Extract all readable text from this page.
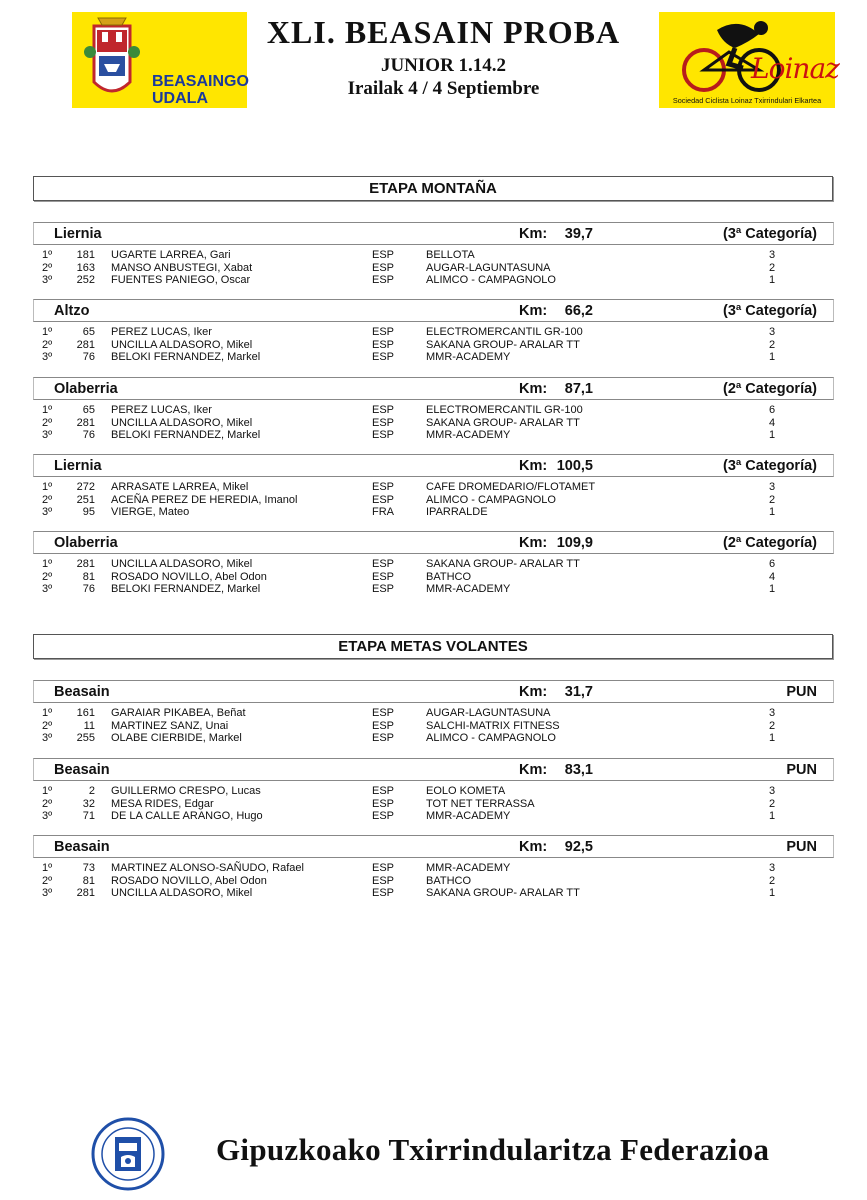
BEASAINGO
UDALA
XLI. BEASAIN PROBA
JUNIOR 1.14.2
Irailak 4 / 4 Septiembre
Loinaz
Sociedad Ciclista Loinaz Txirrindulari Elkartea
ETAPA MONTAÑA
Liernia	Km: 39,7	(3ª Categoría)
1º 181 UGARTE LARREA, Gari	ESP	BELLOTA	3
2º 163 MANSO ANBUSTEGI, Xabat	ESP	AUGAR-LAGUNTASUNA	2
3º 252 FUENTES PANIEGO, Oscar	ESP	ALIMCO - CAMPAGNOLO	1
Altzo	Km: 66,2	(3ª Categoría)
1º	65 PEREZ LUCAS, Iker	ESP	ELECTROMERCANTIL GR-100	3
2º 281 UNCILLA ALDASORO, Mikel	ESP	SAKANA GROUP- ARALAR TT	2
3º	76 BELOKI FERNANDEZ, Markel	ESP	MMR-ACADEMY	1
Olaberria	Km: 87,1	(2ª Categoría)
1º	65 PEREZ LUCAS, Iker	ESP	ELECTROMERCANTIL GR-100	6
2º 281 UNCILLA ALDASORO, Mikel	ESP	SAKANA GROUP- ARALAR TT	4
3º	76 BELOKI FERNANDEZ, Markel	ESP	MMR-ACADEMY	1
Liernia	Km: 100,5	(3ª Categoría)
1º 272 ARRASATE LARREA, Mikel	ESP	CAFE DROMEDARIO/FLOTAMET	3
2º 251 ACEÑA PEREZ DE HEREDIA, Imanol	ESP	ALIMCO - CAMPAGNOLO	2
3º	95 VIERGE, Mateo	FRA	IPARRALDE	1
Olaberria	Km: 109,9	(2ª Categoría)
1º 281 UNCILLA ALDASORO, Mikel	ESP	SAKANA GROUP- ARALAR TT	6
2º	81 ROSADO NOVILLO, Abel Odon	ESP	BATHCO	4
3º	76 BELOKI FERNANDEZ, Markel	ESP	MMR-ACADEMY	1
ETAPA METAS VOLANTES
Beasain	Km: 31,7	PUN
1º 161 GARAIAR PIKABEA, Beñat	ESP	AUGAR-LAGUNTASUNA	3
2º	11 MARTINEZ SANZ, Unai	ESP	SALCHI-MATRIX FITNESS	2
3º 255 OLABE CIERBIDE, Markel	ESP	ALIMCO - CAMPAGNOLO	1
Beasain	Km: 83,1	PUN
1º	2 GUILLERMO CRESPO, Lucas	ESP	EOLO KOMETA	3
2º	32 MESA RIDES, Edgar	ESP	TOT NET TERRASSA	2
3º	71 DE LA CALLE ARANGO, Hugo	ESP	MMR-ACADEMY	1
Beasain	Km: 92,5	PUN
1º	73 MARTINEZ ALONSO-SAÑUDO, Rafael	ESP	MMR-ACADEMY	3
2º	81 ROSADO NOVILLO, Abel Odon	ESP	BATHCO	2
3º 281 UNCILLA ALDASORO, Mikel	ESP	SAKANA GROUP- ARALAR TT	1
Gipuzkoako Txirrindularitza Federazioa
